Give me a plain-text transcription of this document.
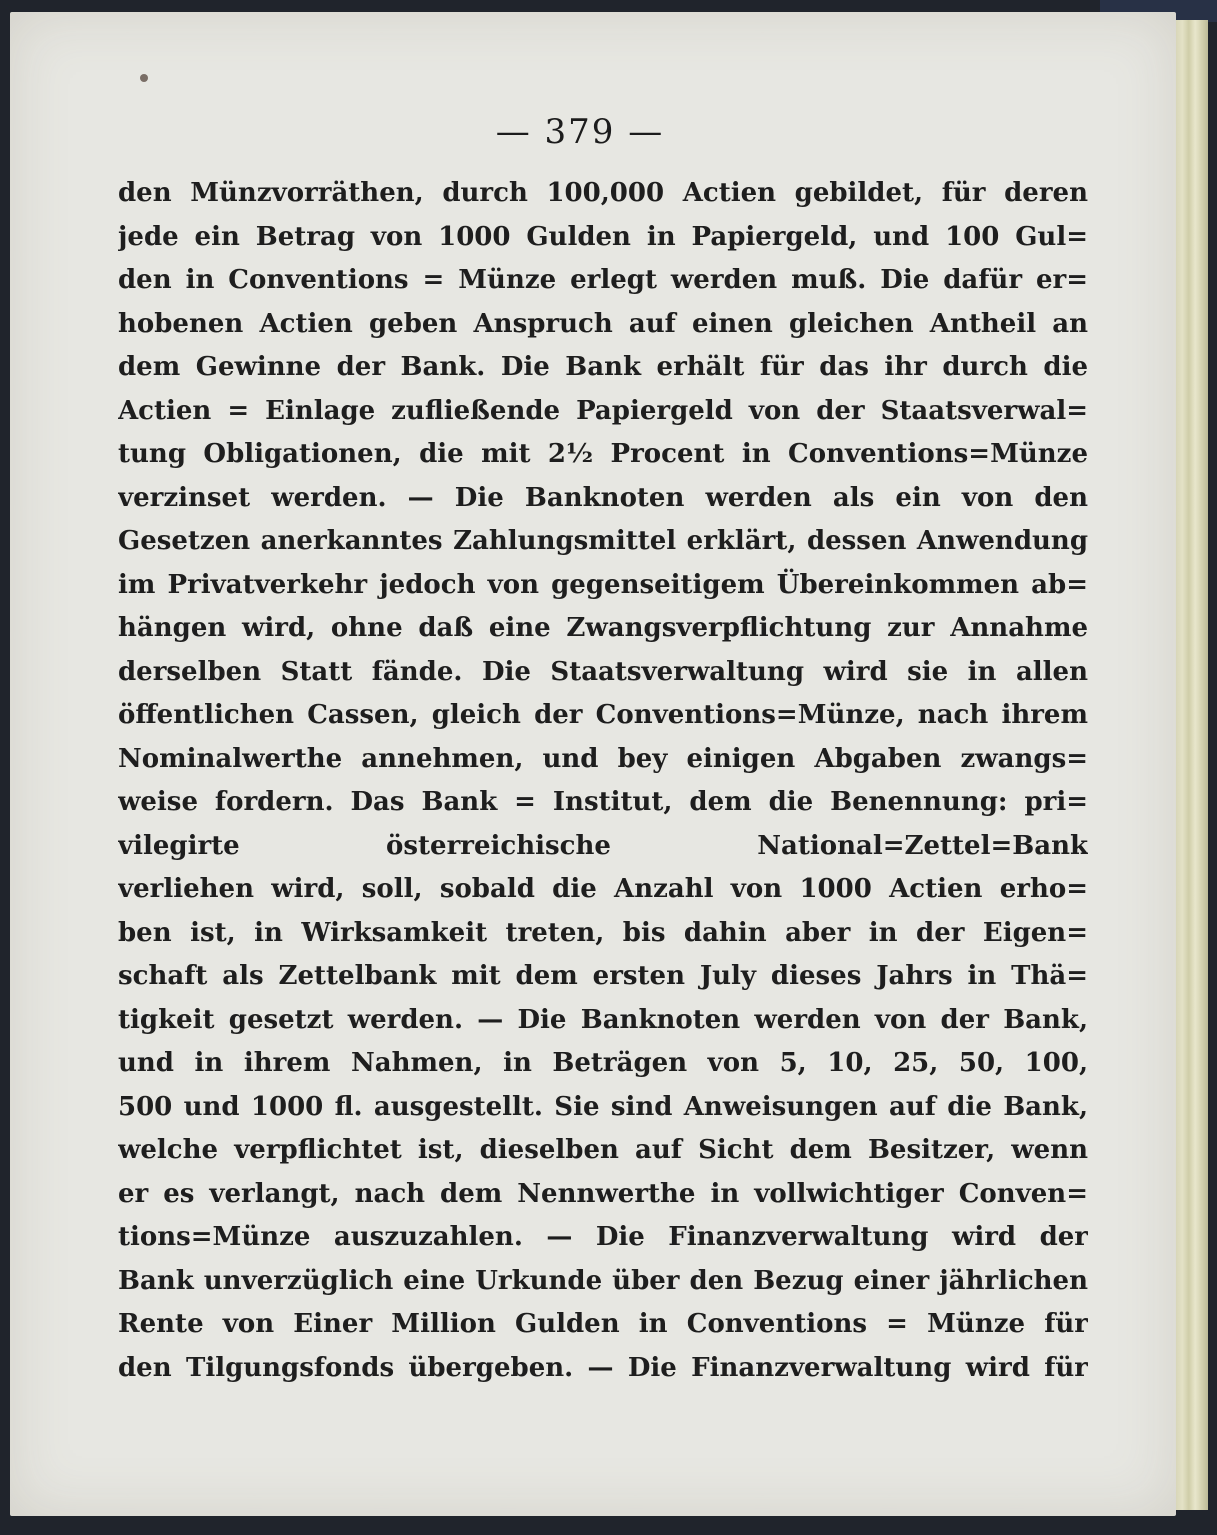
— 379 —
den Münzvorräthen, durch 100,000 Actien gebildet, für deren
jede ein Betrag von 1000 Gulden in Papiergeld, und 100 Gul=
den in Conventions = Münze erlegt werden muß. Die dafür er=
hobenen Actien geben Anspruch auf einen gleichen Antheil an
dem Gewinne der Bank. Die Bank erhält für das ihr durch die
Actien = Einlage zufließende Papiergeld von der Staatsverwal=
tung Obligationen, die mit 2½ Procent in Conventions=Münze
verzinset werden. — Die Banknoten werden als ein von den
Gesetzen anerkanntes Zahlungsmittel erklärt, dessen Anwendung
im Privatverkehr jedoch von gegenseitigem Übereinkommen ab=
hängen wird, ohne daß eine Zwangsverpflichtung zur Annahme
derselben Statt fände. Die Staatsverwaltung wird sie in allen
öffentlichen Cassen, gleich der Conventions=Münze, nach ihrem
Nominalwerthe annehmen, und bey einigen Abgaben zwangs=
weise fordern. Das Bank = Institut, dem die Benennung: pri=
vilegirte österreichische National=Zettel=Bank
verliehen wird, soll, sobald die Anzahl von 1000 Actien erho=
ben ist, in Wirksamkeit treten, bis dahin aber in der Eigen=
schaft als Zettelbank mit dem ersten July dieses Jahrs in Thä=
tigkeit gesetzt werden. — Die Banknoten werden von der Bank,
und in ihrem Nahmen, in Beträgen von 5, 10, 25, 50, 100,
500 und 1000 fl. ausgestellt. Sie sind Anweisungen auf die Bank,
welche verpflichtet ist, dieselben auf Sicht dem Besitzer, wenn
er es verlangt, nach dem Nennwerthe in vollwichtiger Conven=
tions=Münze auszuzahlen. — Die Finanzverwaltung wird der
Bank unverzüglich eine Urkunde über den Bezug einer jährlichen
Rente von Einer Million Gulden in Conventions = Münze für
den Tilgungsfonds übergeben. — Die Finanzverwaltung wird für
